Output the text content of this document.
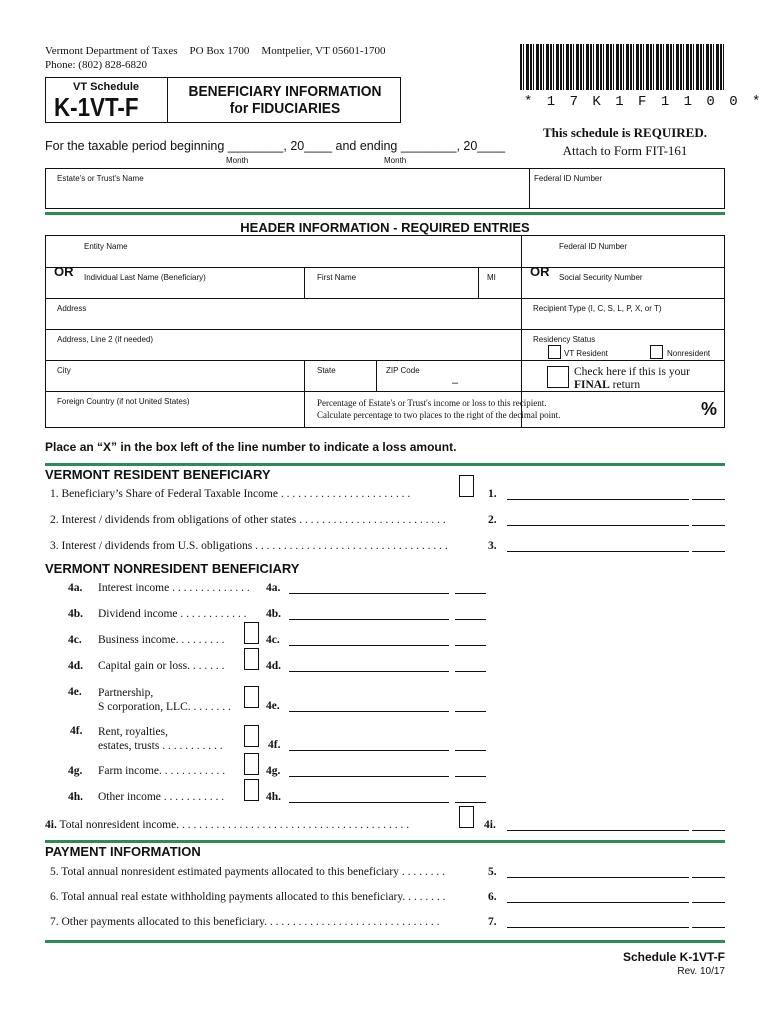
Vermont Department of Taxes PO Box 1700 Montpelier, VT 05601-1700
Phone: (802) 828-6820
VT Schedule
K-1VT-F
BENEFICIARY INFORMATION
for FIDUCIARIES	* 1 7 K 1 F 1 1 0 0 *
This schedule is REQUIRED.
Attach to Form FIT-161
For the taxable period beginning ________, 20____ and ending ________, 20____
Month	Month
Estate's or Trust's Name	Federal ID Number
HEADER INFORMATION - REQUIRED ENTRIES
Entity Name	Federal ID Number
OR Individual Last Name (Beneficiary)	First Name	MI	OR Social Security Number
Address	Recipient Type (I, C, S, L, P, X, or T)
Address, Line 2 (if needed)	Residency Status
VT Resident	Nonresident
City	State	ZIP Code
–
Check here if this is your
FINAL return
Foreign Country (if not United States)	Percentage of Estate's or Trust's income or loss to this recipient.
Calculate percentage to two places to the right of the decimal point.	%
Place an “X” in the box left of the line number to indicate a loss amount.
VERMONT RESIDENT BENEFICIARY
1. Beneficiary’s Share of Federal Taxable Income . . . . . . . . . . . . . . . . . . . . . . .	1.
2. Interest / dividends from obligations of other states . . . . . . . . . . . . . . . . . . . . . . . . . .	2.
3. Interest / dividends from U.S. obligations . . . . . . . . . . . . . . . . . . . . . . . . . . . . . . . . . .	3.
VERMONT NONRESIDENT BENEFICIARY
4a. Interest income . . . . . . . . . . . . . . 4a.
4b. Dividend income . . . . . . . . . . . . 4b.
4c. Business income. . . . . . . . .	4c.
4d. Capital gain or loss. . . . . . .	4d.
4e. Partnership,
S corporation, LLC. . . . . . . .	4e.
4f. Rent, royalties,
estates, trusts . . . . . . . . . . .	4f.
4g. Farm income. . . . . . . . . . . .	4g.
4h. Other income . . . . . . . . . . .	4h.
4i. Total nonresident income. . . . . . . . . . . . . . . . . . . . . . . . . . . . . . . . . . . . . . . . .	4i.
PAYMENT INFORMATION
5. Total annual nonresident estimated payments allocated to this beneficiary . . . . . . . .	5.
6. Total annual real estate withholding payments allocated to this beneficiary. . . . . . . .	6.
7. Other payments allocated to this beneficiary. . . . . . . . . . . . . . . . . . . . . . . . . . . . . . .	7.
Schedule K-1VT-F
Rev. 10/17
